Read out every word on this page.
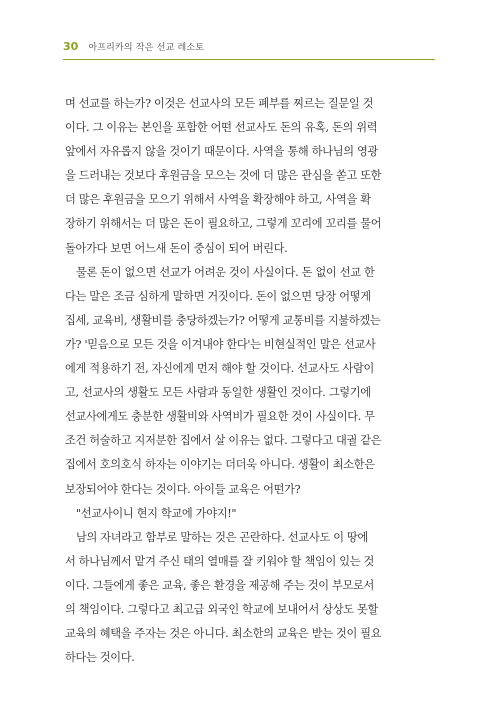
30 아프리카의 작은 선교 레소토
며 선교를 하는가? 이것은 선교사의 모든 폐부를 찌르는 질문일 것
이다. 그 이유는 본인을 포함한 어떤 선교사도 돈의 유혹, 돈의 위력
앞에서 자유롭지 않을 것이기 때문이다. 사역을 통해 하나님의 영광
을 드러내는 것보다 후원금을 모으는 것에 더 많은 관심을 쏟고 또한
더 많은 후원금을 모으기 위해서 사역을 확장해야 하고, 사역을 확
장하기 위해서는 더 많은 돈이 필요하고, 그렇게 꼬리에 꼬리를 물어
돌아가다 보면 어느새 돈이 중심이 되어 버린다.
물론 돈이 없으면 선교가 어려운 것이 사실이다. 돈 없이 선교 한
다는 말은 조금 심하게 말하면 거짓이다. 돈이 없으면 당장 어떻게
집세, 교육비, 생활비를 충당하겠는가? 어떻게 교통비를 지불하겠는
가? '믿음으로 모든 것을 이겨내야 한다'는 비현실적인 말은 선교사
에게 적용하기 전, 자신에게 먼저 해야 할 것이다. 선교사도 사람이
고, 선교사의 생활도 모든 사람과 동일한 생활인 것이다. 그렇기에
선교사에게도 충분한 생활비와 사역비가 필요한 것이 사실이다. 무
조건 허술하고 지저분한 집에서 살 이유는 없다. 그렇다고 대궐 같은
집에서 호의호식 하자는 이야기는 더더욱 아니다. 생활이 최소한은
보장되어야 한다는 것이다. 아이들 교육은 어떤가?
"선교사이니 현지 학교에 가야지!"
남의 자녀라고 함부로 말하는 것은 곤란하다. 선교사도 이 땅에
서 하나님께서 맡겨 주신 태의 열매를 잘 키워야 할 책임이 있는 것
이다. 그들에게 좋은 교육, 좋은 환경을 제공해 주는 것이 부모로서
의 책임이다. 그렇다고 최고급 외국인 학교에 보내어서 상상도 못할
교육의 혜택을 주자는 것은 아니다. 최소한의 교육은 받는 것이 필요
하다는 것이다.
